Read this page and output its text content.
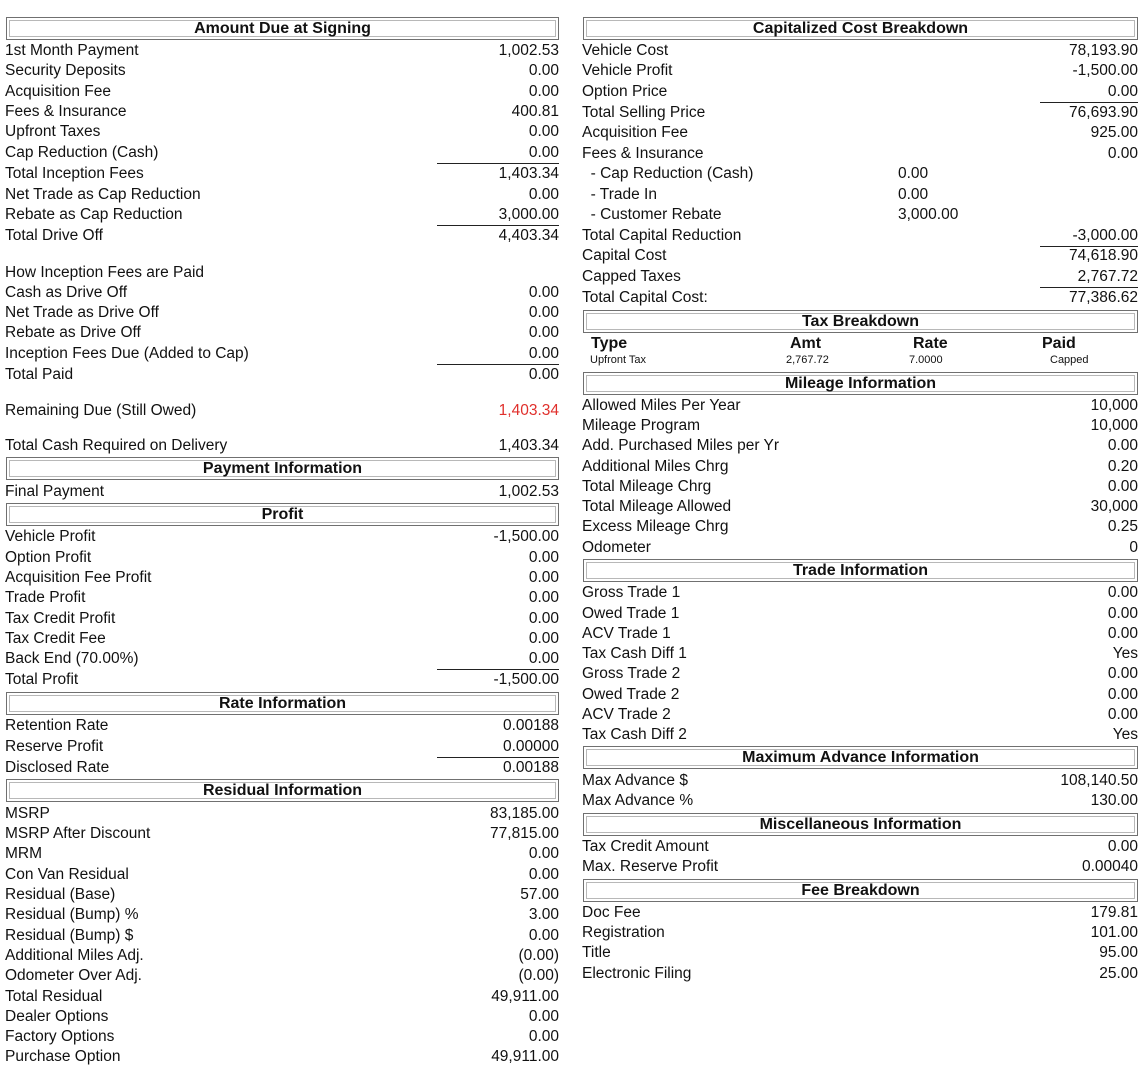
Amount Due at Signing
1st Month Payment	1,002.53
Security Deposits	0.00
Acquisition Fee	0.00
Fees & Insurance	400.81
Upfront Taxes	0.00
Cap Reduction (Cash)	0.00
Total Inception Fees	1,403.34
Net Trade as Cap Reduction	0.00
Rebate as Cap Reduction	3,000.00
Total Drive Off	4,403.34
How Inception Fees are Paid
Cash as Drive Off	0.00
Net Trade as Drive Off	0.00
Rebate as Drive Off	0.00
Inception Fees Due (Added to Cap)	0.00
Total Paid	0.00
Remaining Due (Still Owed)	1,403.34
Total Cash Required on Delivery	1,403.34
Payment Information
Final Payment	1,002.53
Profit
Vehicle Profit	-1,500.00
Option Profit	0.00
Acquisition Fee Profit	0.00
Trade Profit	0.00
Tax Credit Profit	0.00
Tax Credit Fee	0.00
Back End (70.00%)	0.00
Total Profit	-1,500.00
Rate Information
Retention Rate	0.00188
Reserve Profit	0.00000
Disclosed Rate	0.00188
Residual Information
MSRP	83,185.00
MSRP After Discount	77,815.00
MRM	0.00
Con Van Residual	0.00
Residual (Base)	57.00
Residual (Bump) %	3.00
Residual (Bump) $	0.00
Additional Miles Adj.	(0.00)
Odometer Over Adj.	(0.00)
Total Residual	49,911.00
Dealer Options	0.00
Factory Options	0.00
Purchase Option	49,911.00
Capitalized Cost Breakdown
Vehicle Cost	78,193.90
Vehicle Profit	-1,500.00
Option Price	0.00
Total Selling Price	76,693.90
Acquisition Fee	925.00
Fees & Insurance	0.00
- Cap Reduction (Cash)	0.00
- Trade In	0.00
- Customer Rebate	3,000.00
Total Capital Reduction	-3,000.00
Capital Cost	74,618.90
Capped Taxes	2,767.72
Total Capital Cost:	77,386.62
Tax Breakdown
Type	Amt	Rate	Paid
Upfront Tax	2,767.72	7.0000	Capped
Mileage Information
Allowed Miles Per Year	10,000
Mileage Program	10,000
Add. Purchased Miles per Yr	0.00
Additional Miles Chrg	0.20
Total Mileage Chrg	0.00
Total Mileage Allowed	30,000
Excess Mileage Chrg	0.25
Odometer	0
Trade Information
Gross Trade 1	0.00
Owed Trade 1	0.00
ACV Trade 1	0.00
Tax Cash Diff 1	Yes
Gross Trade 2	0.00
Owed Trade 2	0.00
ACV Trade 2	0.00
Tax Cash Diff 2	Yes
Maximum Advance Information
Max Advance $	108,140.50
Max Advance %	130.00
Miscellaneous Information
Tax Credit Amount	0.00
Max. Reserve Profit	0.00040
Fee Breakdown
Doc Fee	179.81
Registration	101.00
Title	95.00
Electronic Filing	25.00
